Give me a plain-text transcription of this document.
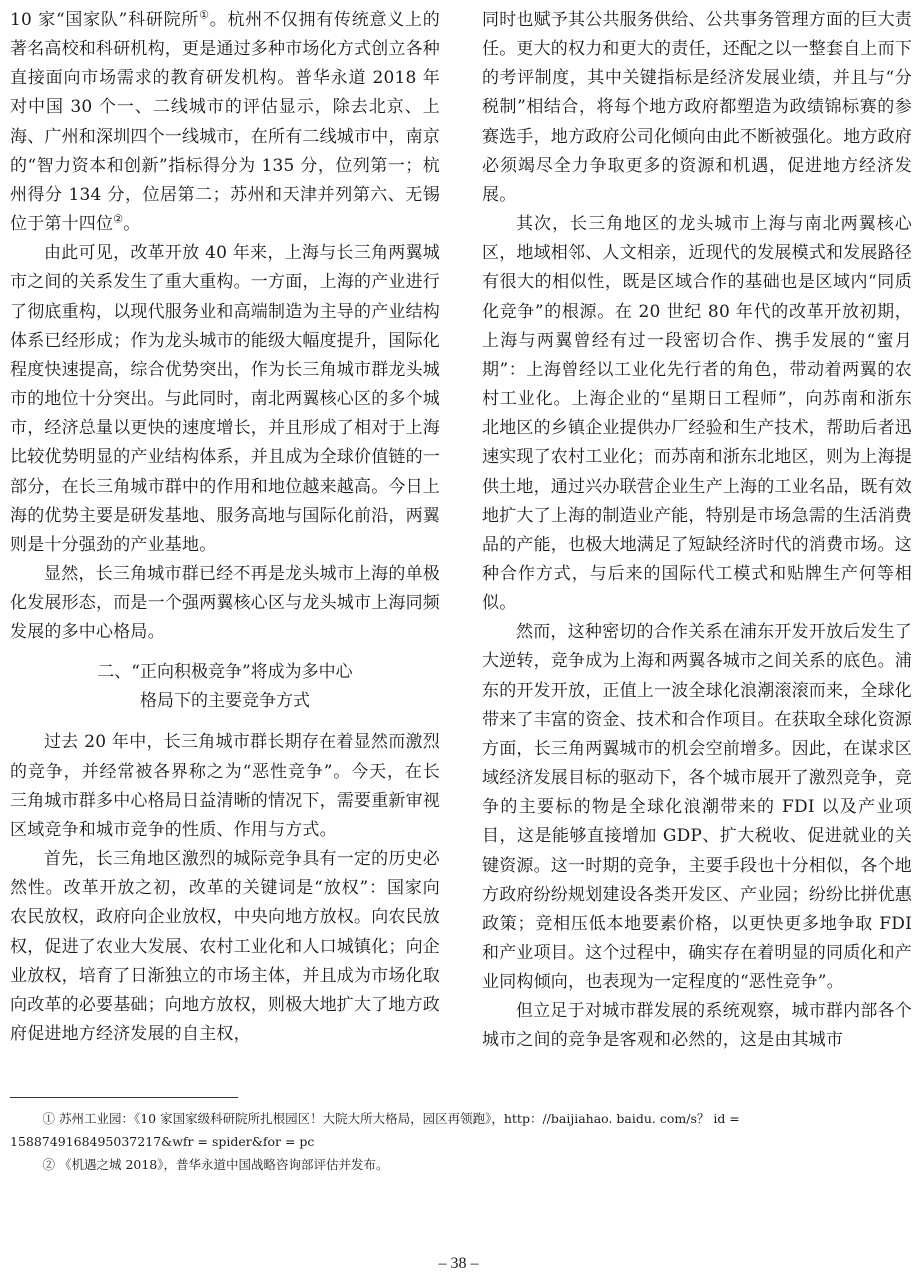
10 家“国家队”科研院所①。杭州不仅拥有传统意义上的著名高校和科研机构，更是通过多种市场化方式创立各种直接面向市场需求的教育研发机构。普华永道 2018 年对中国 30 个一、二线城市的评估显示，除去北京、上海、广州和深圳四个一线城市，在所有二线城市中，南京的“智力资本和创新”指标得分为 135 分，位列第一；杭州得分 134 分，位居第二；苏州和天津并列第六、无锡位于第十四位②。

由此可见，改革开放 40 年来，上海与长三角两翼城市之间的关系发生了重大重构。一方面，上海的产业进行了彻底重构，以现代服务业和高端制造为主导的产业结构体系已经形成；作为龙头城市的能级大幅度提升，国际化程度快速提高，综合优势突出，作为长三角城市群龙头城市的地位十分突出。与此同时，南北两翼核心区的多个城市，经济总量以更快的速度增长，并且形成了相对于上海比较优势明显的产业结构体系，并且成为全球价值链的一部分，在长三角城市群中的作用和地位越来越高。今日上海的优势主要是研发基地、服务高地与国际化前沿，两翼则是十分强劲的产业基地。

显然，长三角城市群已经不再是龙头城市上海的单极化发展形态，而是一个强两翼核心区与龙头城市上海同频发展的多中心格局。

二、“正向积极竞争”将成为多中心
格局下的主要竞争方式

过去 20 年中，长三角城市群长期存在着显然而激烈的竞争，并经常被各界称之为“恶性竞争”。今天，在长三角城市群多中心格局日益清晰的情况下，需要重新审视区域竞争和城市竞争的性质、作用与方式。

首先，长三角地区激烈的城际竞争具有一定的历史必然性。改革开放之初，改革的关键词是“放权”：国家向农民放权，政府向企业放权，中央向地方放权。向农民放权，促进了农业大发展、农村工业化和人口城镇化；向企业放权，培育了日渐独立的市场主体，并且成为市场化取向改革的必要基础；向地方放权，则极大地扩大了地方政府促进地方经济发展的自主权，

同时也赋予其公共服务供给、公共事务管理方面的巨大责任。更大的权力和更大的责任，还配之以一整套自上而下的考评制度，其中关键指标是经济发展业绩，并且与“分税制”相结合，将每个地方政府都塑造为政绩锦标赛的参赛选手，地方政府公司化倾向由此不断被强化。地方政府必须竭尽全力争取更多的资源和机遇，促进地方经济发展。

其次，长三角地区的龙头城市上海与南北两翼核心区，地域相邻、人文相亲，近现代的发展模式和发展路径有很大的相似性，既是区域合作的基础也是区域内“同质化竞争”的根源。在 20 世纪 80 年代的改革开放初期，上海与两翼曾经有过一段密切合作、携手发展的“蜜月期”：上海曾经以工业化先行者的角色，带动着两翼的农村工业化。上海企业的“星期日工程师”，向苏南和浙东北地区的乡镇企业提供办厂经验和生产技术，帮助后者迅速实现了农村工业化；而苏南和浙东北地区，则为上海提供土地，通过兴办联营企业生产上海的工业名品，既有效地扩大了上海的制造业产能，特别是市场急需的生活消费品的产能，也极大地满足了短缺经济时代的消费市场。这种合作方式，与后来的国际代工模式和贴牌生产何等相似。

然而，这种密切的合作关系在浦东开发开放后发生了大逆转，竞争成为上海和两翼各城市之间关系的底色。浦东的开发开放，正值上一波全球化浪潮滚滚而来，全球化带来了丰富的资金、技术和合作项目。在获取全球化资源方面，长三角两翼城市的机会空前增多。因此，在谋求区域经济发展目标的驱动下，各个城市展开了激烈竞争，竞争的主要标的物是全球化浪潮带来的 FDI 以及产业项目，这是能够直接增加 GDP、扩大税收、促进就业的关键资源。这一时期的竞争，主要手段也十分相似，各个地方政府纷纷规划建设各类开发区、产业园；纷纷比拼优惠政策；竞相压低本地要素价格，以更快更多地争取 FDI 和产业项目。这个过程中，确实存在着明显的同质化和产业同构倾向，也表现为一定程度的“恶性竞争”。

但立足于对城市群发展的系统观察，城市群内部各个城市之间的竞争是客观和必然的，这是由其城市

① 苏州工业园：《10 家国家级科研院所扎根园区！大院大所大格局，园区再领跑》，http：//baijiahao. baidu. com/s？ id = 1588749168495037217&wfr = spider&for = pc

② 《机遇之城 2018》，普华永道中国战略咨询部评估并发布。

– 38 –
